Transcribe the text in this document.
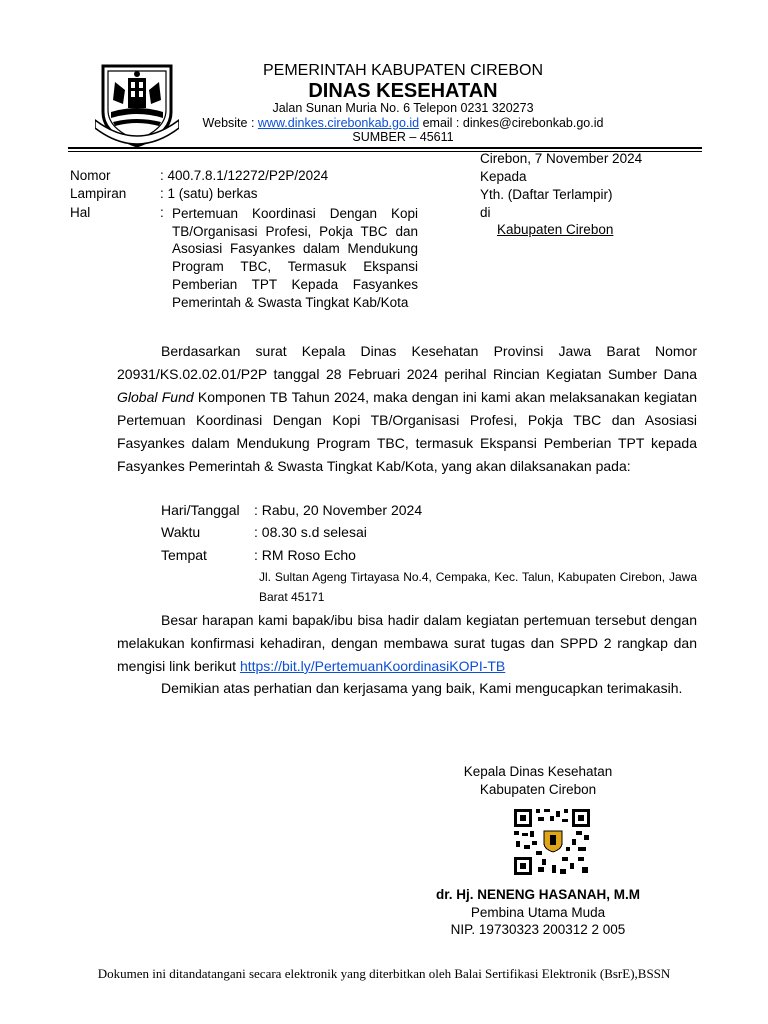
PEMERINTAH KABUPATEN CIREBON
DINAS KESEHATAN
Jalan Sunan Muria No. 6 Telepon 0231 320273
Website : www.dinkes.cirebonkab.go.id email : dinkes@cirebonkab.go.id
SUMBER – 45611
Nomor	: 400.7.8.1/12272/P2P/2024
Lampiran : 1 (satu) berkas
Hal	: Pertemuan Koordinasi Dengan Kopi TB/Organisasi Profesi, Pokja TBC dan Asosiasi Fasyankes dalam Mendukung Program TBC, Termasuk Ekspansi Pemberian TPT Kepada Fasyankes Pemerintah & Swasta Tingkat Kab/Kota
Cirebon, 7 November 2024
Kepada
Yth. (Daftar Terlampir)
di
Kabupaten Cirebon
Berdasarkan surat Kepala Dinas Kesehatan Provinsi Jawa Barat Nomor 20931/KS.02.02.01/P2P tanggal 28 Februari 2024 perihal Rincian Kegiatan Sumber Dana Global Fund Komponen TB Tahun 2024, maka dengan ini kami akan melaksanakan kegiatan Pertemuan Koordinasi Dengan Kopi TB/Organisasi Profesi, Pokja TBC dan Asosiasi Fasyankes dalam Mendukung Program TBC, termasuk Ekspansi Pemberian TPT kepada Fasyankes Pemerintah & Swasta Tingkat Kab/Kota, yang akan dilaksanakan pada:
Hari/Tanggal : Rabu, 20 November 2024
Waktu	: 08.30 s.d selesai
Tempat	: RM Roso Echo
Jl. Sultan Ageng Tirtayasa No.4, Cempaka, Kec. Talun, Kabupaten Cirebon, Jawa Barat 45171
Besar harapan kami bapak/ibu bisa hadir dalam kegiatan pertemuan tersebut dengan melakukan konfirmasi kehadiran, dengan membawa surat tugas dan SPPD 2 rangkap dan mengisi link berikut https://bit.ly/PertemuanKoordinasiKOPI-TB
Demikian atas perhatian dan kerjasama yang baik, Kami mengucapkan terimakasih.
Kepala Dinas Kesehatan
Kabupaten Cirebon
dr. Hj. NENENG HASANAH, M.M
Pembina Utama Muda
NIP. 19730323 200312 2 005
Dokumen ini ditandatangani secara elektronik yang diterbitkan oleh Balai Sertifikasi Elektronik (BsrE),BSSN
